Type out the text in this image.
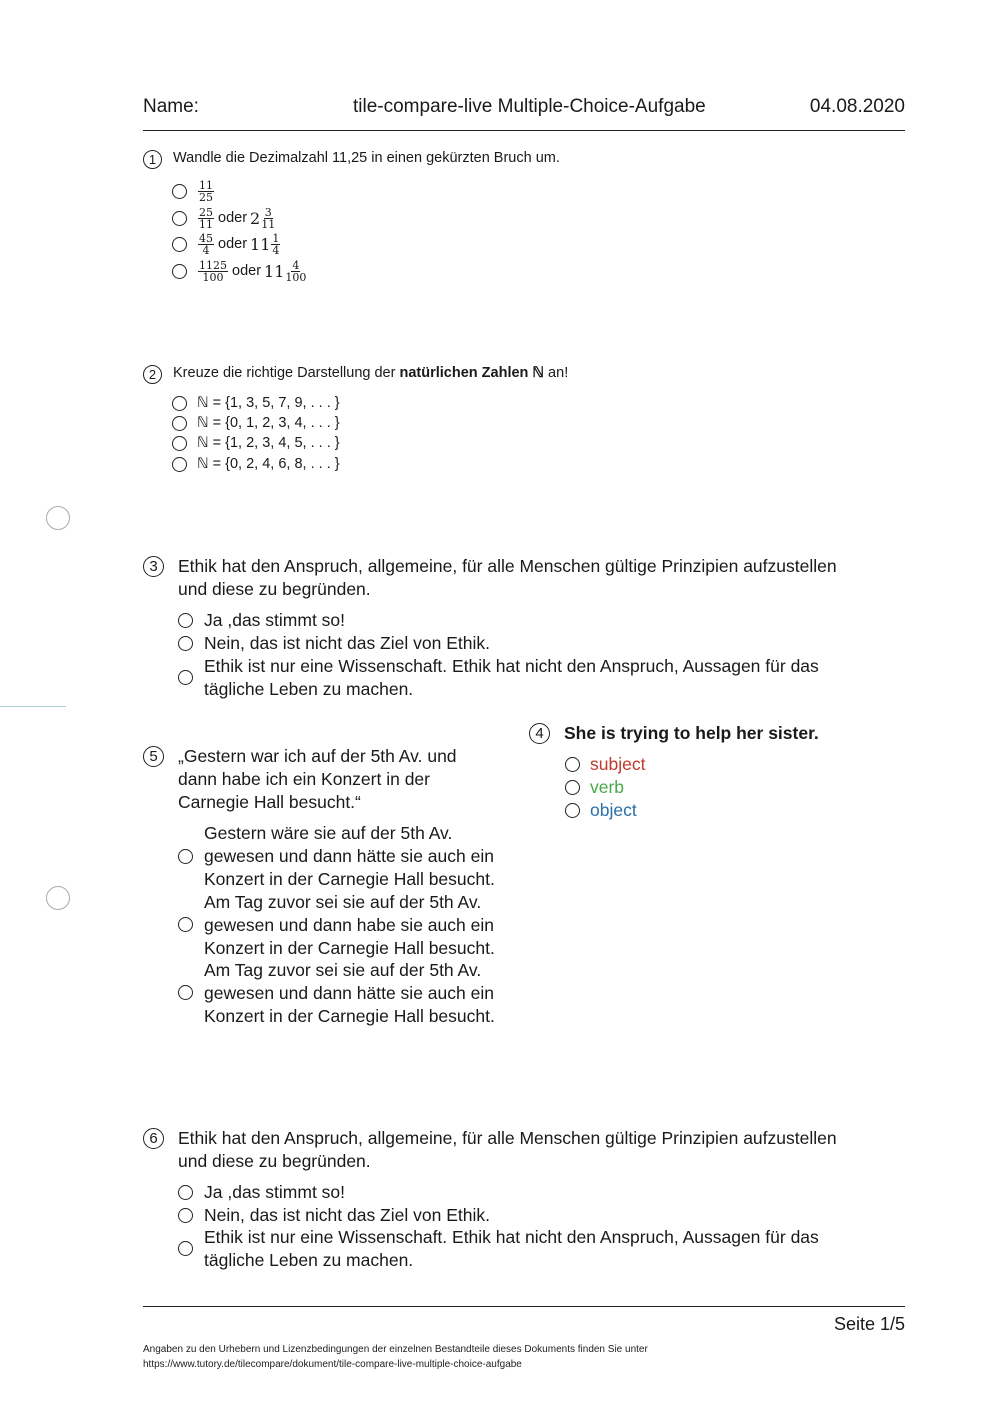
Name:	tile-compare-live Multiple-Choice-Aufgabe	04.08.2020
1	Wandle die Dezimalzahl 11,25 in einen gekürzten Bruch um.
$\frac{11}{25}$
$\frac{25}{11}$ oder $2 \frac{3}{11}$
$\frac{45}{4}$ oder $11 \frac{1}{4}$
$\frac{1125}{100}$ oder $11 \frac{4}{100}$
2	Kreuze die richtige Darstellung der natürlichen Zahlen ℕ an!
ℕ = {1, 3, 5, 7, 9, . . . }
ℕ = {0, 1, 2, 3, 4, . . . }
ℕ = {1, 2, 3, 4, 5, . . . }
ℕ = {0, 2, 4, 6, 8, . . . }
3	Ethik hat den Anspruch, allgemeine, für alle Menschen gültige Prinzipien aufzustellen
und diese zu begründen.
Ja ,das stimmt so!
Nein, das ist nicht das Ziel von Ethik.
Ethik ist nur eine Wissenschaft. Ethik hat nicht den Anspruch, Aussagen für das
tägliche Leben zu machen.
4	She is trying to help her sister.
subject
verb
object
5	„Gestern war ich auf der 5th Av. und
dann habe ich ein Konzert in der
Carnegie Hall besucht.“
Gestern wäre sie auf der 5th Av.
gewesen und dann hätte sie auch ein
Konzert in der Carnegie Hall besucht.
Am Tag zuvor sei sie auf der 5th Av.
gewesen und dann habe sie auch ein
Konzert in der Carnegie Hall besucht.
Am Tag zuvor sei sie auf der 5th Av.
gewesen und dann hätte sie auch ein
Konzert in der Carnegie Hall besucht.
6	Ethik hat den Anspruch, allgemeine, für alle Menschen gültige Prinzipien aufzustellen
und diese zu begründen.
Ja ,das stimmt so!
Nein, das ist nicht das Ziel von Ethik.
Ethik ist nur eine Wissenschaft. Ethik hat nicht den Anspruch, Aussagen für das
tägliche Leben zu machen.
Seite 1/5
Angaben zu den Urhebern und Lizenzbedingungen der einzelnen Bestandteile dieses Dokuments finden Sie unter
https://www.tutory.de/tilecompare/dokument/tile-compare-live-multiple-choice-aufgabe
